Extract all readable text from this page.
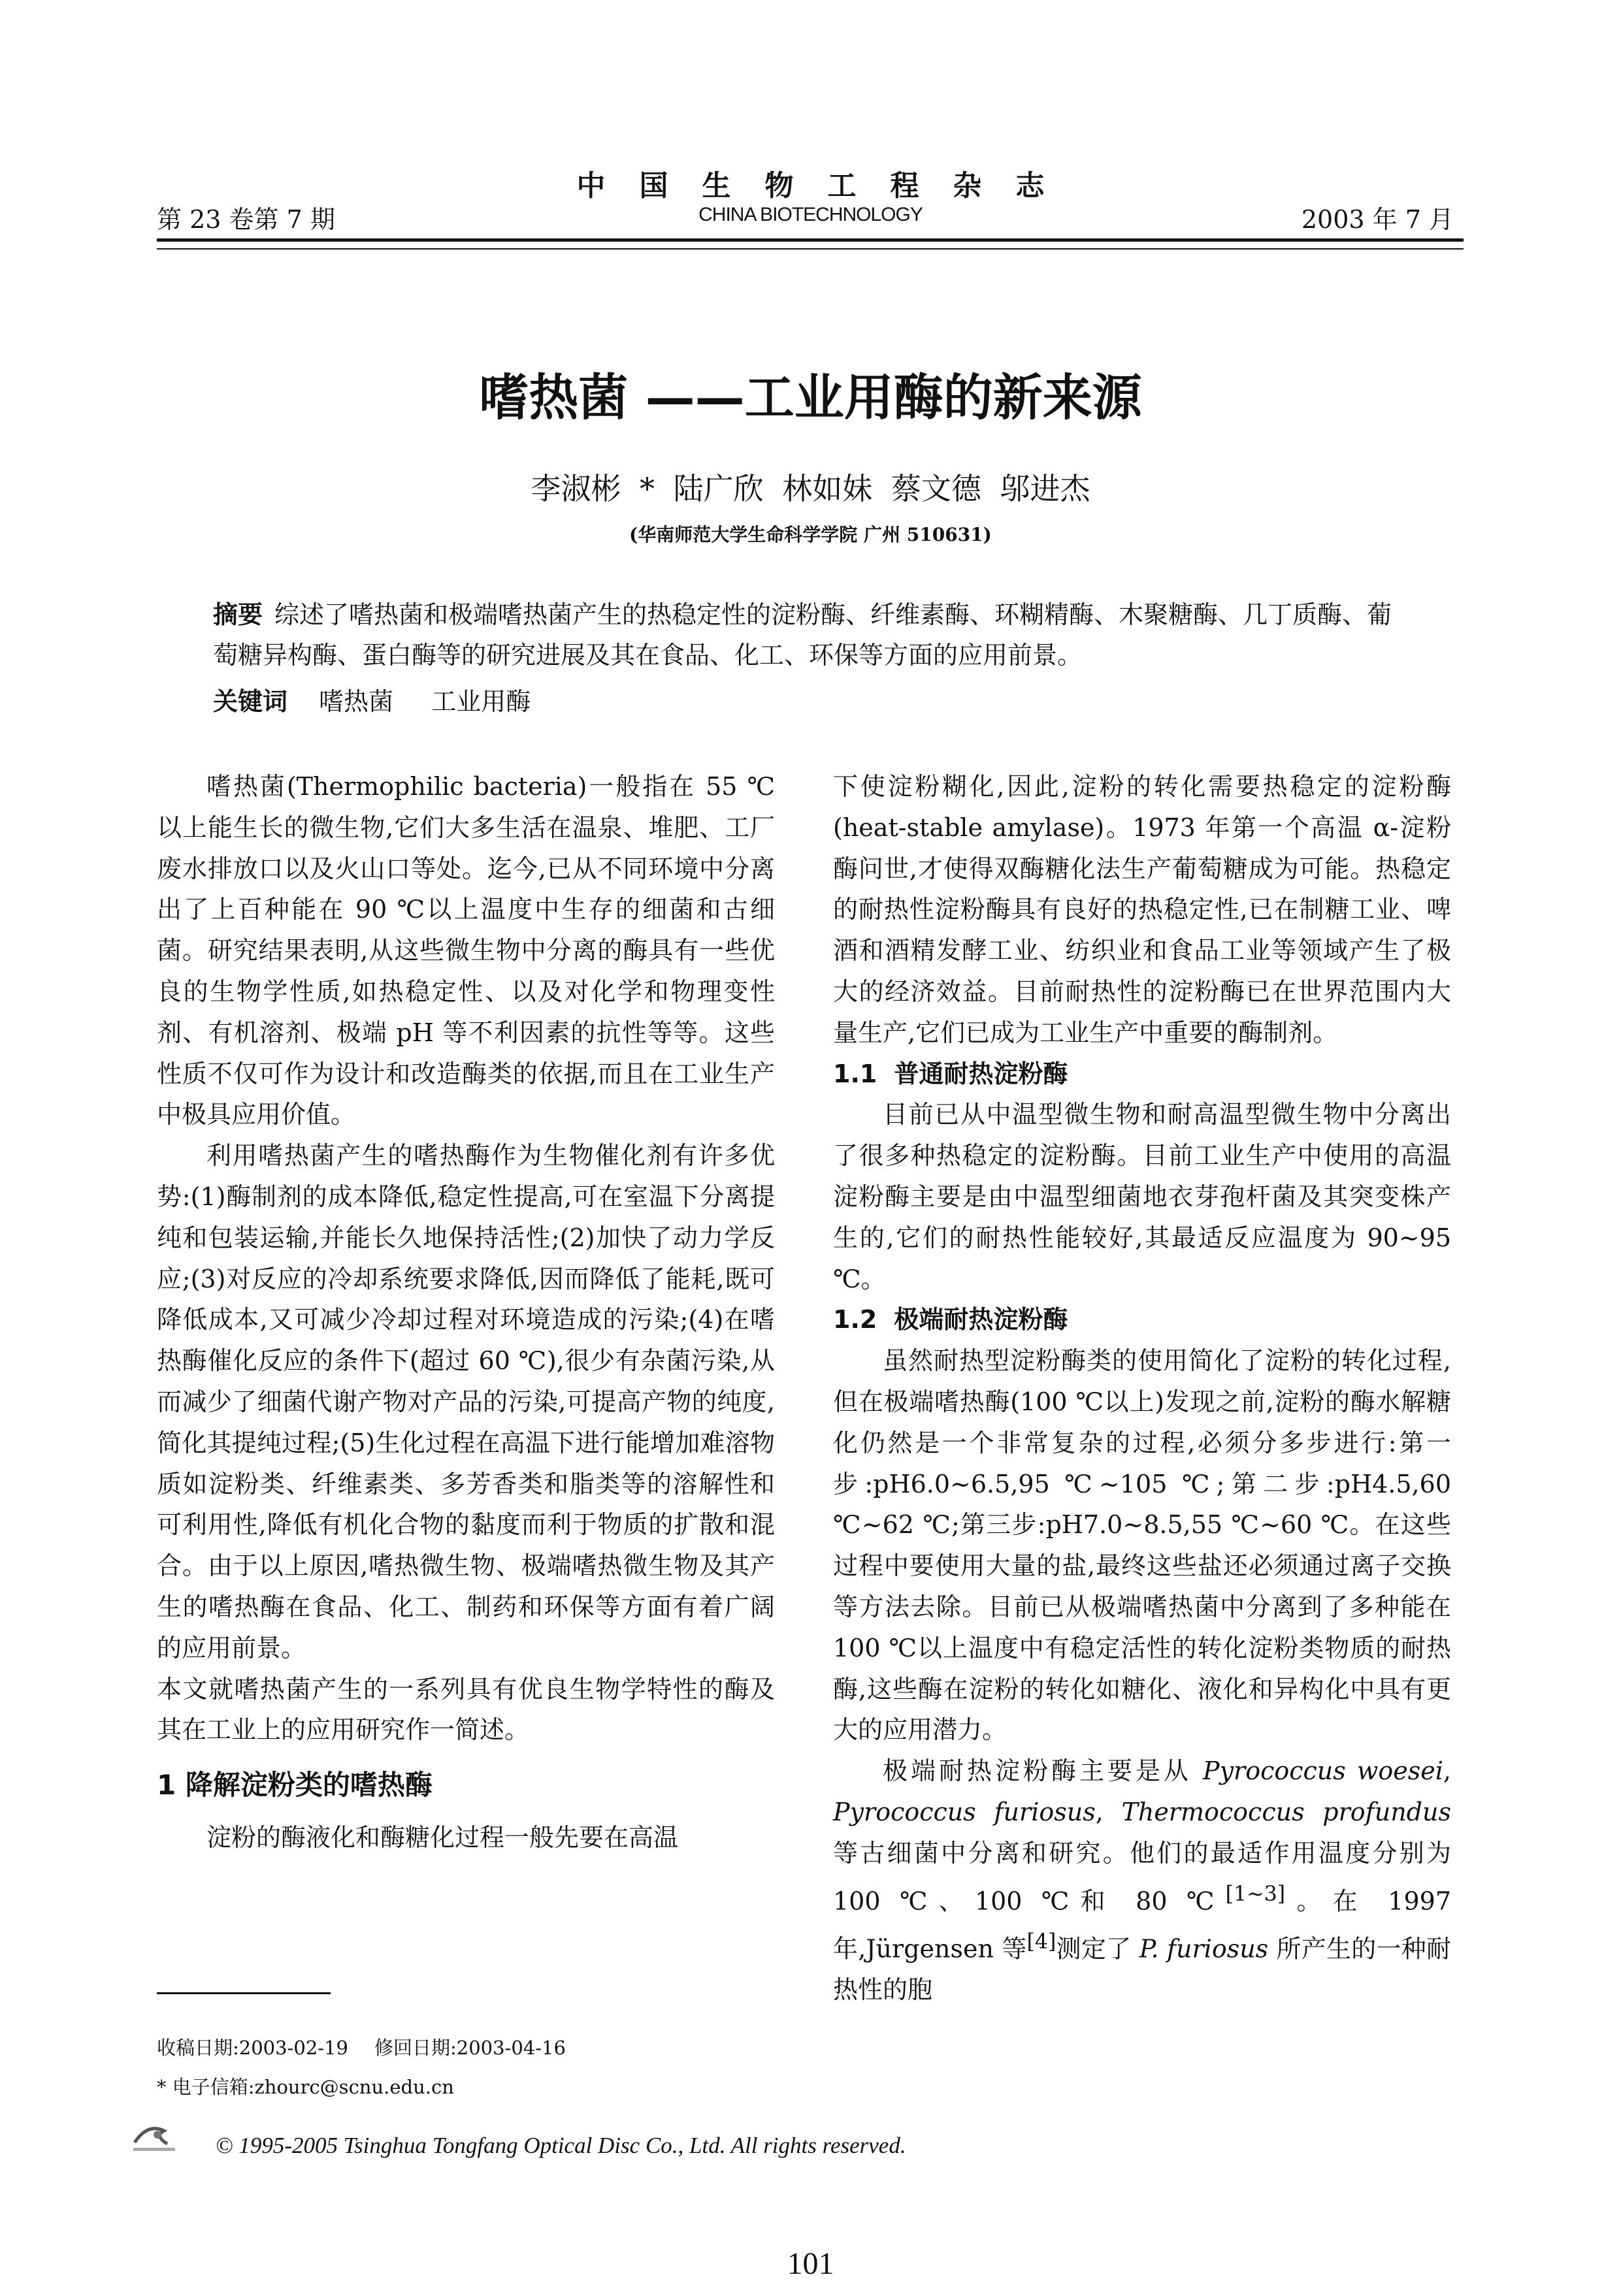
中国生物工程杂志
CHINA BIOTECHNOLOGY
第 23 卷第 7 期	2003 年 7 月
嗜热菌 ——工业用酶的新来源
李淑彬 * 陆广欣 林如妹 蔡文德 邬进杰
(华南师范大学生命科学学院 广州 510631)
摘要 综述了嗜热菌和极端嗜热菌产生的热稳定性的淀粉酶、纤维素酶、环糊精酶、木聚糖酶、几丁质酶、葡萄糖异构酶、蛋白酶等的研究进展及其在食品、化工、环保等方面的应用前景。
关键词 嗜热菌 工业用酶

嗜热菌(Thermophilic bacteria)一般指在 55 ℃以上能生长的微生物,它们大多生活在温泉、堆肥、工厂废水排放口以及火山口等处。迄今,已从不同环境中分离出了上百种能在 90 ℃以上温度中生存的细菌和古细菌。研究结果表明,从这些微生物中分离的酶具有一些优良的生物学性质,如热稳定性、以及对化学和物理变性剂、有机溶剂、极端 pH 等不利因素的抗性等等。这些性质不仅可作为设计和改造酶类的依据,而且在工业生产中极具应用价值。

利用嗜热菌产生的嗜热酶作为生物催化剂有许多优势:(1)酶制剂的成本降低,稳定性提高,可在室温下分离提纯和包装运输,并能长久地保持活性;(2)加快了动力学反应;(3)对反应的冷却系统要求降低,因而降低了能耗,既可降低成本,又可减少冷却过程对环境造成的污染;(4)在嗜热酶催化反应的条件下(超过 60 ℃),很少有杂菌污染,从而减少了细菌代谢产物对产品的污染,可提高产物的纯度,简化其提纯过程;(5)生化过程在高温下进行能增加难溶物质如淀粉类、纤维素类、多芳香类和脂类等的溶解性和可利用性,降低有机化合物的黏度而利于物质的扩散和混合。由于以上原因,嗜热微生物、极端嗜热微生物及其产生的嗜热酶在食品、化工、制药和环保等方面有着广阔的应用前景。

本文就嗜热菌产生的一系列具有优良生物学特性的酶及其在工业上的应用研究作一简述。

1 降解淀粉类的嗜热酶

淀粉的酶液化和酶糖化过程一般先要在高温

下使淀粉糊化,因此,淀粉的转化需要热稳定的淀粉酶(heat-stable amylase)。1973 年第一个高温 α-淀粉酶问世,才使得双酶糖化法生产葡萄糖成为可能。热稳定的耐热性淀粉酶具有良好的热稳定性,已在制糖工业、啤酒和酒精发酵工业、纺织业和食品工业等领域产生了极大的经济效益。目前耐热性的淀粉酶已在世界范围内大量生产,它们已成为工业生产中重要的酶制剂。

1.1 普通耐热淀粉酶

目前已从中温型微生物和耐高温型微生物中分离出了很多种热稳定的淀粉酶。目前工业生产中使用的高温淀粉酶主要是由中温型细菌地衣芽孢杆菌及其突变株产生的,它们的耐热性能较好,其最适反应温度为 90~95 ℃。

1.2 极端耐热淀粉酶

虽然耐热型淀粉酶类的使用简化了淀粉的转化过程,但在极端嗜热酶(100 ℃以上)发现之前,淀粉的酶水解糖化仍然是一个非常复杂的过程,必须分多步进行:第一步:pH6.0~6.5,95 ℃~105 ℃;第二步:pH4.5,60 ℃~62 ℃;第三步:pH7.0~8.5,55 ℃~60 ℃。在这些过程中要使用大量的盐,最终这些盐还必须通过离子交换等方法去除。目前已从极端嗜热菌中分离到了多种能在 100 ℃以上温度中有稳定活性的转化淀粉类物质的耐热酶,这些酶在淀粉的转化如糖化、液化和异构化中具有更大的应用潜力。

极端耐热淀粉酶主要是从 Pyrococcus woesei, Pyrococcus furiosus, Thermococcus profundus 等古细菌中分离和研究。他们的最适作用温度分别为 100 ℃、100 ℃和 80 ℃[1~3]。在 1997 年,Jürgensen 等[4]测定了 P. furiosus 所产生的一种耐热性的胞

收稿日期:2003-02-19 修回日期:2003-04-16
* 电子信箱:zhourc@scnu.edu.cn
© 1995-2005 Tsinghua Tongfang Optical Disc Co., Ltd. All rights reserved.
101
